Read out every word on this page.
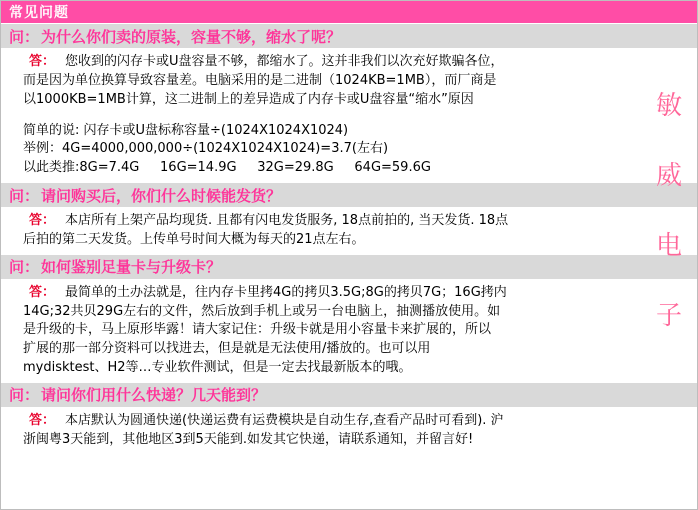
敏
威
电
子
常见问题
问： 为什么你们卖的原装，容量不够，缩水了呢？
答： 您收到的闪存卡或U盘容量不够，都缩水了。这并非我们以次充好欺骗各位，

而是因为单位换算导致容量差。电脑采用的是二进制（1024KB=1MB），而厂商是

以1000KB=1MB计算，这二进制上的差异造成了内存卡或U盘容量“缩水”原因

简单的说: 闪存卡或U盘标称容量÷(1024X1024X1024)

举例：4G=4000,000,000÷(1024X1024X1024)=3.7(左右)

以此类推:8G=7.4G     16G=14.9G     32G=29.8G     64G=59.6G

问： 请问购买后，你们什么时候能发货？
答： 本店所有上架产品均现货. 且都有闪电发货服务, 18点前拍的, 当天发货. 18点

后拍的第二天发货。上传单号时间大概为每天的21点左右。

问： 如何鉴别足量卡与升级卡？
答： 最简单的土办法就是，往内存卡里拷4G的拷贝3.5G;8G的拷贝7G；16G拷内

14G;32共贝29G左右的文件，然后放到手机上或另一台电脑上，抽测播放使用。如

是升级的卡，马上原形毕露！请大家记住：升级卡就是用小容量卡来扩展的，所以

扩展的那一部分资料可以找进去，但是就是无法使用/播放的。也可以用

mydisktest、H2等…专业软件测试，但是一定去找最新版本的哦。

问： 请问你们用什么快递？几天能到？
答： 本店默认为圆通快递(快递运费有运费模块是自动生存,查看产品时可看到). 沪

浙闽粤3天能到，其他地区3到5天能到.如发其它快递，请联系通知，并留言好!
